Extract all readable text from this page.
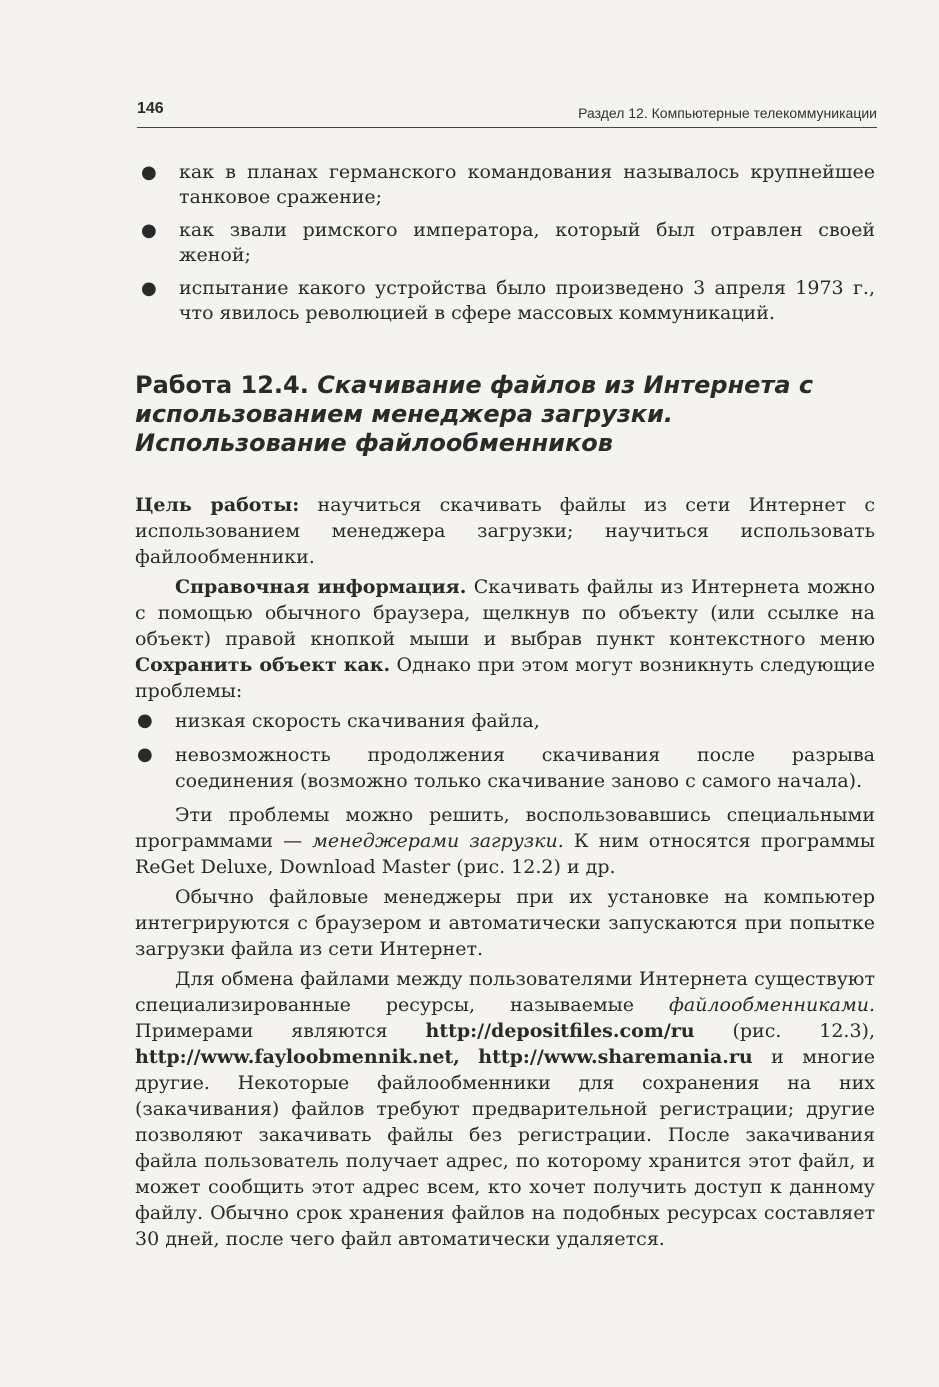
146	Раздел 12. Компьютерные телекоммуникации
● как в планах германского командования называлось крупнейшее танковое сражение;
● как звали римского императора, который был отравлен своей женой;
● испытание какого устройства было произведено 3 апреля 1973 г., что явилось революцией в сфере массовых коммуникаций.
Работа 12.4. Скачивание файлов из Интернета с использованием менеджера загрузки. Использование файлообменников

Цель работы: научиться скачивать файлы из сети Интернет с использованием менеджера загрузки; научиться использовать файлообменники.

Справочная информация. Скачивать файлы из Интернета можно с помощью обычного браузера, щелкнув по объекту (или ссылке на объект) правой кнопкой мыши и выбрав пункт контекстного меню Сохранить объект как. Однако при этом могут возникнуть следующие проблемы:

● низкая скорость скачивания файла,
● невозможность продолжения скачивания после разрыва соединения (возможно только скачивание заново с самого начала).

Эти проблемы можно решить, воспользовавшись специальными программами — менеджерами загрузки. К ним относятся программы ReGet Deluxe, Download Master (рис. 12.2) и др.

Обычно файловые менеджеры при их установке на компьютер интегрируются с браузером и автоматически запускаются при попытке загрузки файла из сети Интернет.

Для обмена файлами между пользователями Интернета существуют специализированные ресурсы, называемые файлообменниками. Примерами являются http://depositfiles.com/ru (рис. 12.3), http://www.fayloobmennik.net, http://www.sharemania.ru и многие другие. Некоторые файлообменники для сохранения на них (закачивания) файлов требуют предварительной регистрации; другие позволяют закачивать файлы без регистрации. После закачивания файла пользователь получает адрес, по которому хранится этот файл, и может сообщить этот адрес всем, кто хочет получить доступ к данному файлу. Обычно срок хранения файлов на подобных ресурсах составляет 30 дней, после чего файл автоматически удаляется.
